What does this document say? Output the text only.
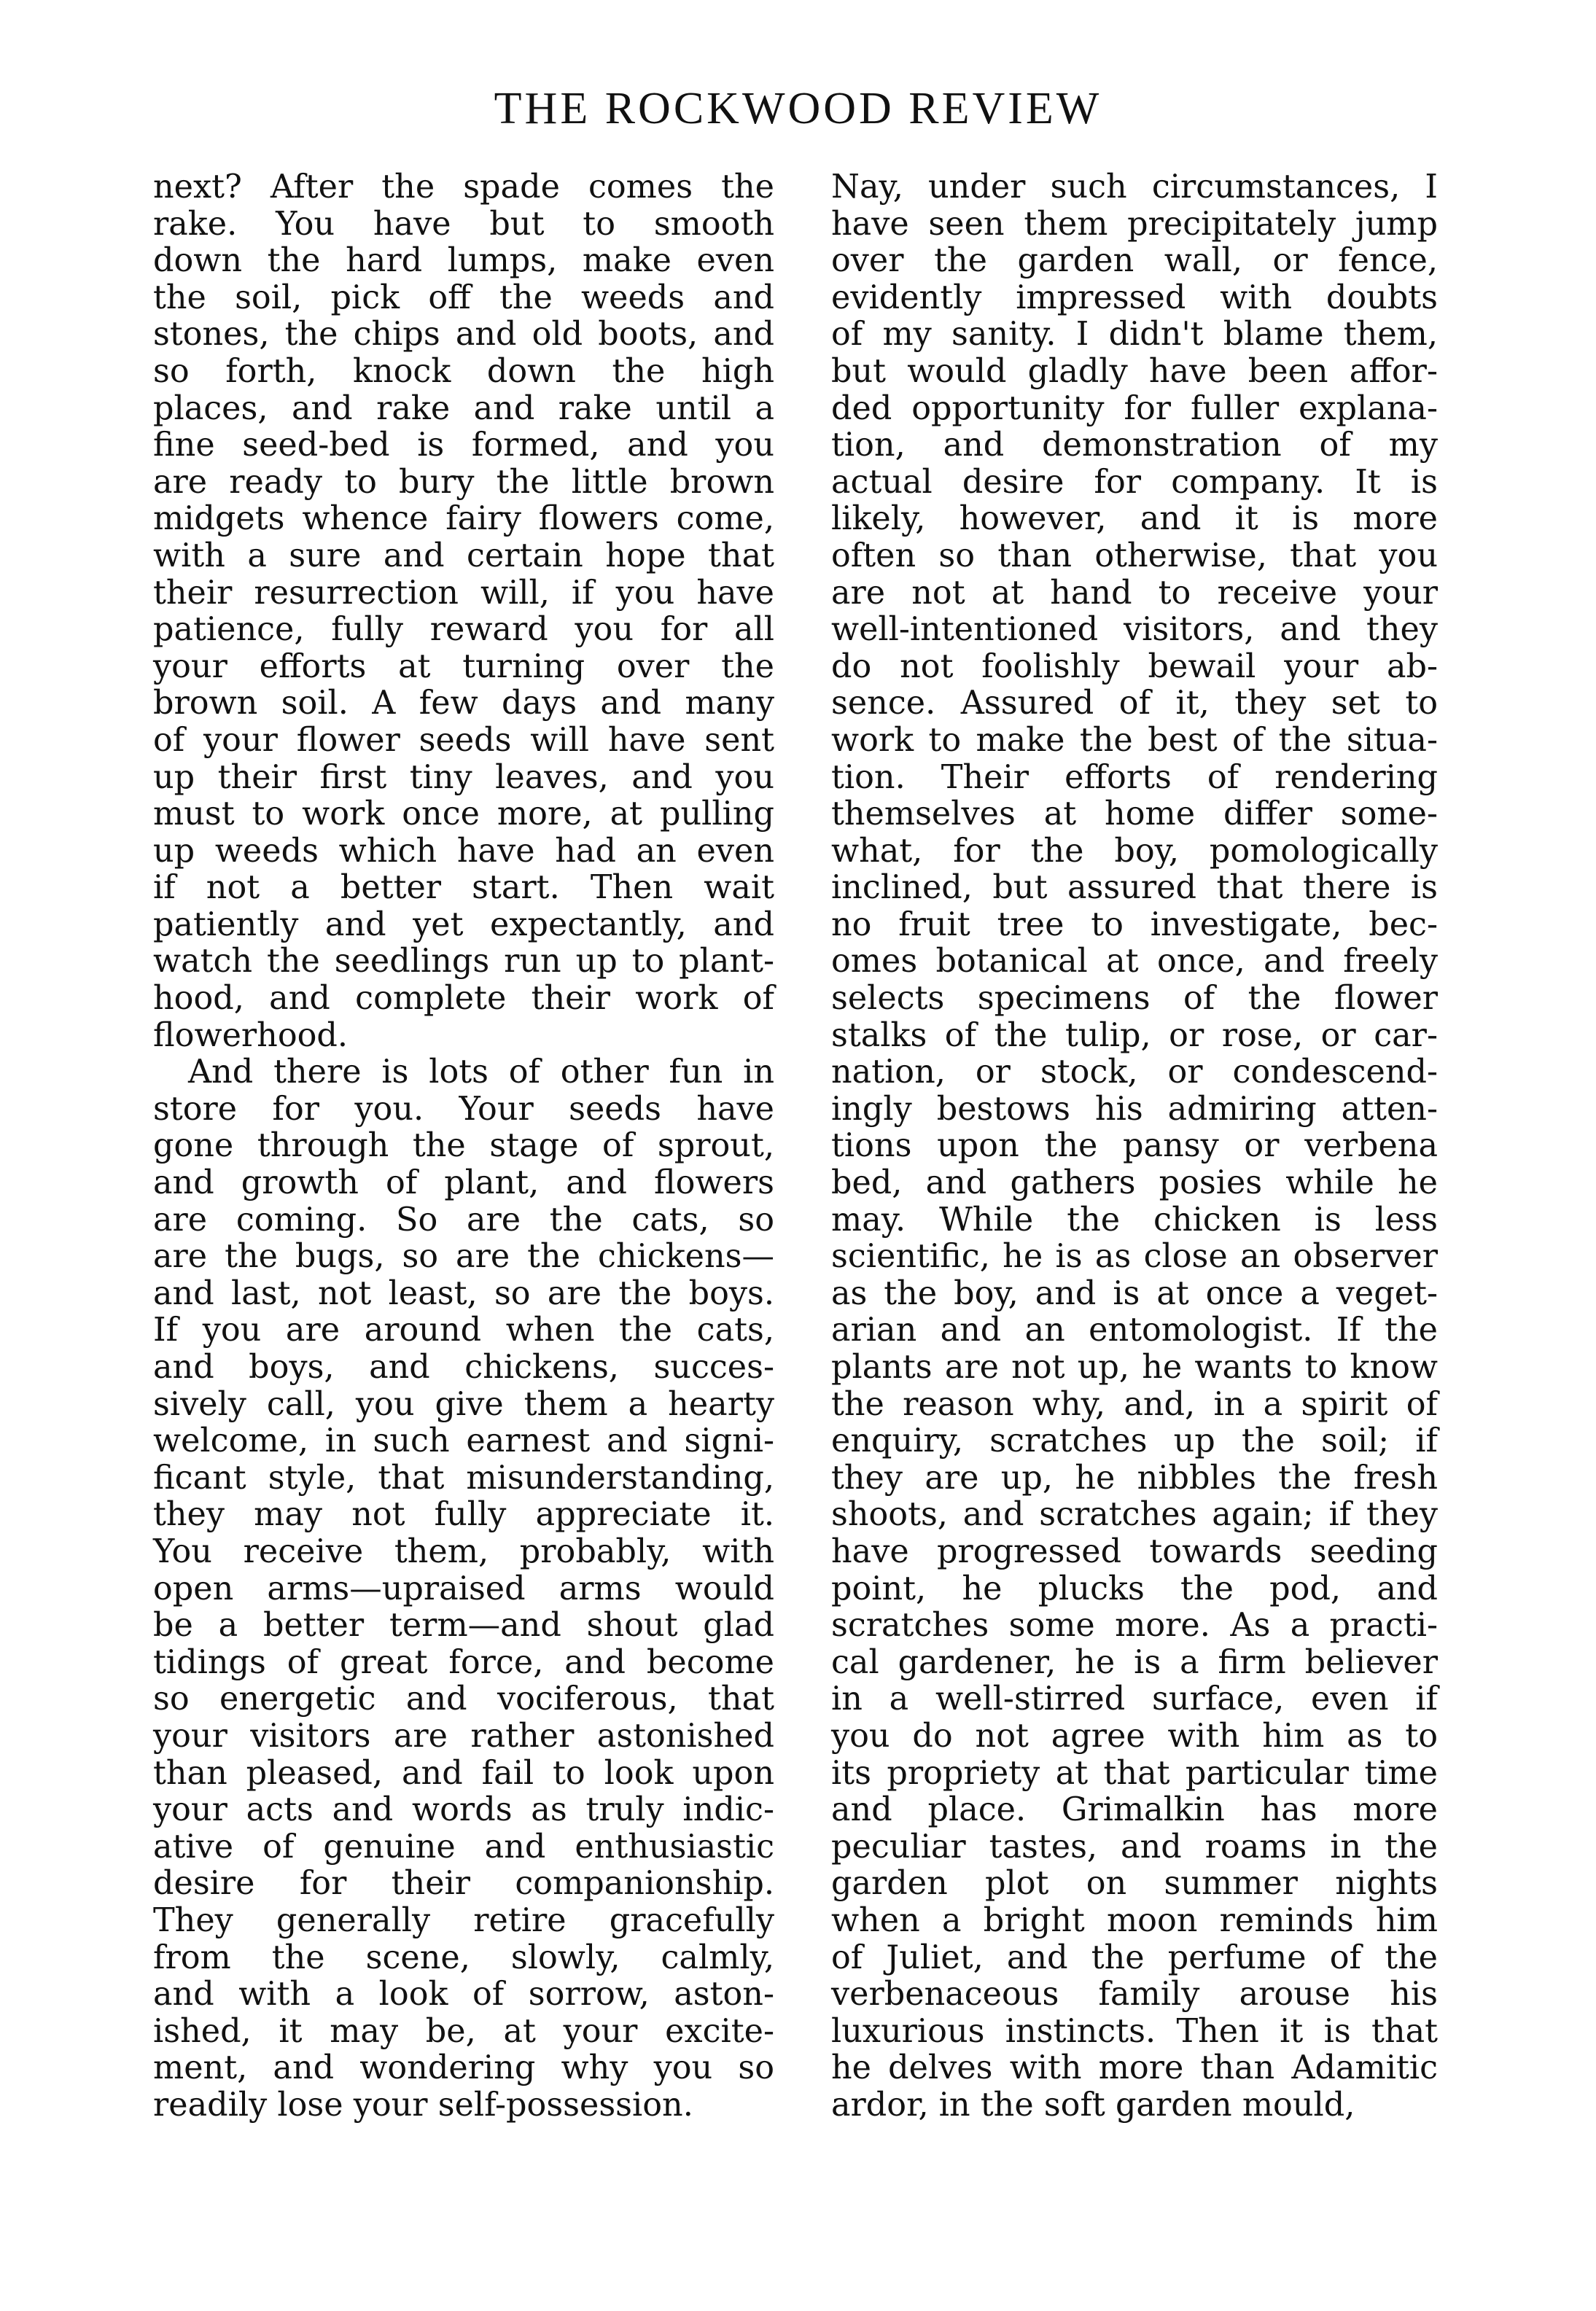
THE ROCKWOOD REVIEW
next? After the spade comes the
rake. You have but to smooth
down the hard lumps, make even
the soil, pick off the weeds and
stones, the chips and old boots, and
so forth, knock down the high
places, and rake and rake until a
fine seed-bed is formed, and you
are ready to bury the little brown
midgets whence fairy flowers come,
with a sure and certain hope that
their resurrection will, if you have
patience, fully reward you for all
your efforts at turning over the
brown soil. A few days and many
of your flower seeds will have sent
up their first tiny leaves, and you
must to work once more, at pulling
up weeds which have had an even
if not a better start. Then wait
patiently and yet expectantly, and
watch the seedlings run up to plant-
hood, and complete their work of
flowerhood.
And there is lots of other fun in
store for you. Your seeds have
gone through the stage of sprout,
and growth of plant, and flowers
are coming. So are the cats, so
are the bugs, so are the chickens—
and last, not least, so are the boys.
If you are around when the cats,
and boys, and chickens, succes-
sively call, you give them a hearty
welcome, in such earnest and signi-
ficant style, that misunderstanding,
they may not fully appreciate it.
You receive them, probably, with
open arms—upraised arms would
be a better term—and shout glad
tidings of great force, and become
so energetic and vociferous, that
your visitors are rather astonished
than pleased, and fail to look upon
your acts and words as truly indic-
ative of genuine and enthusiastic
desire for their companionship.
They generally retire gracefully
from the scene, slowly, calmly,
and with a look of sorrow, aston-
ished, it may be, at your excite-
ment, and wondering why you so
readily lose your self-possession.
Nay, under such circumstances, I
have seen them precipitately jump
over the garden wall, or fence,
evidently impressed with doubts
of my sanity. I didn't blame them,
but would gladly have been affor-
ded opportunity for fuller explana-
tion, and demonstration of my
actual desire for company. It is
likely, however, and it is more
often so than otherwise, that you
are not at hand to receive your
well-intentioned visitors, and they
do not foolishly bewail your ab-
sence. Assured of it, they set to
work to make the best of the situa-
tion. Their efforts of rendering
themselves at home differ some-
what, for the boy, pomologically
inclined, but assured that there is
no fruit tree to investigate, bec-
omes botanical at once, and freely
selects specimens of the flower
stalks of the tulip, or rose, or car-
nation, or stock, or condescend-
ingly bestows his admiring atten-
tions upon the pansy or verbena
bed, and gathers posies while he
may. While the chicken is less
scientific, he is as close an observer
as the boy, and is at once a veget-
arian and an entomologist. If the
plants are not up, he wants to know
the reason why, and, in a spirit of
enquiry, scratches up the soil; if
they are up, he nibbles the fresh
shoots, and scratches again; if they
have progressed towards seeding
point, he plucks the pod, and
scratches some more. As a practi-
cal gardener, he is a firm believer
in a well-stirred surface, even if
you do not agree with him as to
its propriety at that particular time
and place. Grimalkin has more
peculiar tastes, and roams in the
garden plot on summer nights
when a bright moon reminds him
of Juliet, and the perfume of the
verbenaceous family arouse his
luxurious instincts. Then it is that
he delves with more than Adamitic
ardor, in the soft garden mould,
